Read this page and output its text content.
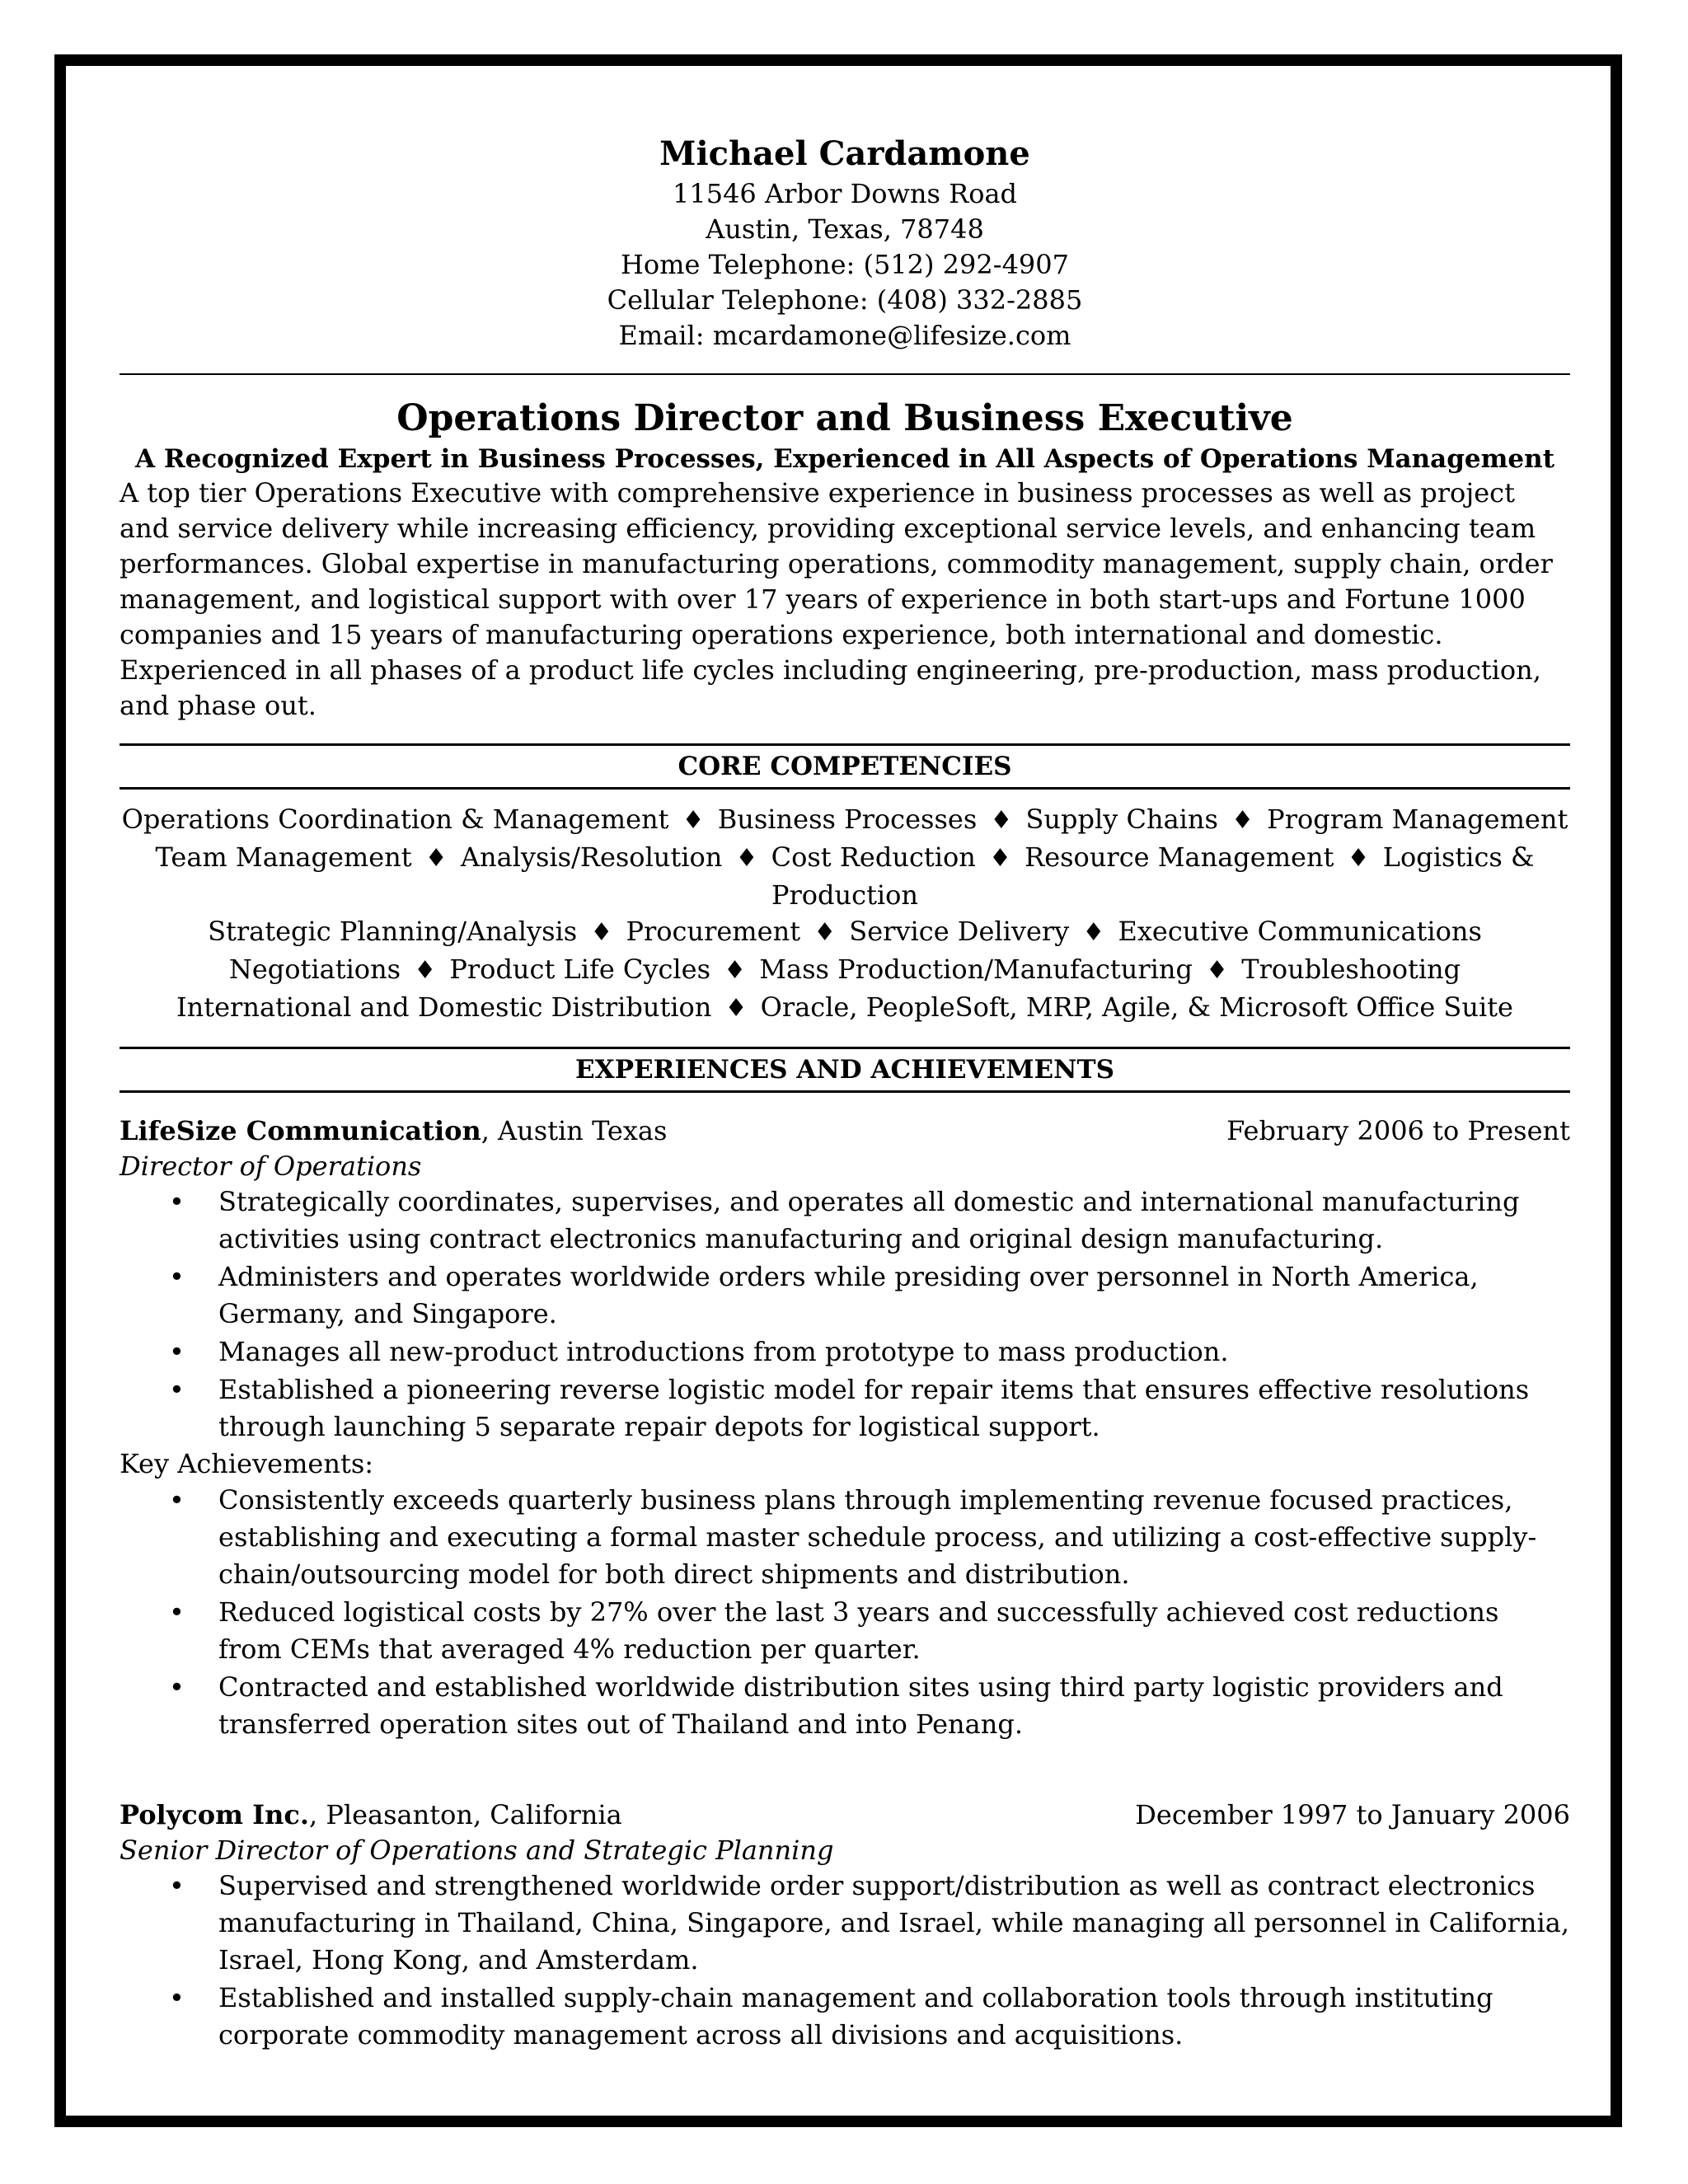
Michael Cardamone
11546 Arbor Downs Road
Austin, Texas, 78748
Home Telephone: (512) 292-4907
Cellular Telephone: (408) 332-2885
Email: mcardamone@lifesize.com
Operations Director and Business Executive
A Recognized Expert in Business Processes, Experienced in All Aspects of Operations Management
A top tier Operations Executive with comprehensive experience in business processes as well as project and service delivery while increasing efficiency, providing exceptional service levels, and enhancing team performances. Global expertise in manufacturing operations, commodity management, supply chain, order management, and logistical support with over 17 years of experience in both start-ups and Fortune 1000 companies and 15 years of manufacturing operations experience, both international and domestic. Experienced in all phases of a product life cycles including engineering, pre-production, mass production, and phase out.
CORE COMPETENCIES
Operations Coordination & Management ♦ Business Processes ♦ Supply Chains ♦ Program Management
Team Management ♦ Analysis/Resolution ♦ Cost Reduction ♦ Resource Management ♦ Logistics & Production
Strategic Planning/Analysis ♦ Procurement ♦ Service Delivery ♦ Executive Communications
Negotiations ♦ Product Life Cycles ♦ Mass Production/Manufacturing ♦ Troubleshooting
International and Domestic Distribution ♦ Oracle, PeopleSoft, MRP, Agile, & Microsoft Office Suite
EXPERIENCES AND ACHIEVEMENTS
LifeSize Communication, Austin Texas	February 2006 to Present
Director of Operations
• Strategically coordinates, supervises, and operates all domestic and international manufacturing activities using contract electronics manufacturing and original design manufacturing.
• Administers and operates worldwide orders while presiding over personnel in North America, Germany, and Singapore.
• Manages all new-product introductions from prototype to mass production.
• Established a pioneering reverse logistic model for repair items that ensures effective resolutions through launching 5 separate repair depots for logistical support.
Key Achievements:
• Consistently exceeds quarterly business plans through implementing revenue focused practices, establishing and executing a formal master schedule process, and utilizing a cost-effective supply-chain/outsourcing model for both direct shipments and distribution.
• Reduced logistical costs by 27% over the last 3 years and successfully achieved cost reductions from CEMs that averaged 4% reduction per quarter.
• Contracted and established worldwide distribution sites using third party logistic providers and transferred operation sites out of Thailand and into Penang.
Polycom Inc., Pleasanton, California	December 1997 to January 2006
Senior Director of Operations and Strategic Planning
• Supervised and strengthened worldwide order support/distribution as well as contract electronics manufacturing in Thailand, China, Singapore, and Israel, while managing all personnel in California, Israel, Hong Kong, and Amsterdam.
• Established and installed supply-chain management and collaboration tools through instituting corporate commodity management across all divisions and acquisitions.
